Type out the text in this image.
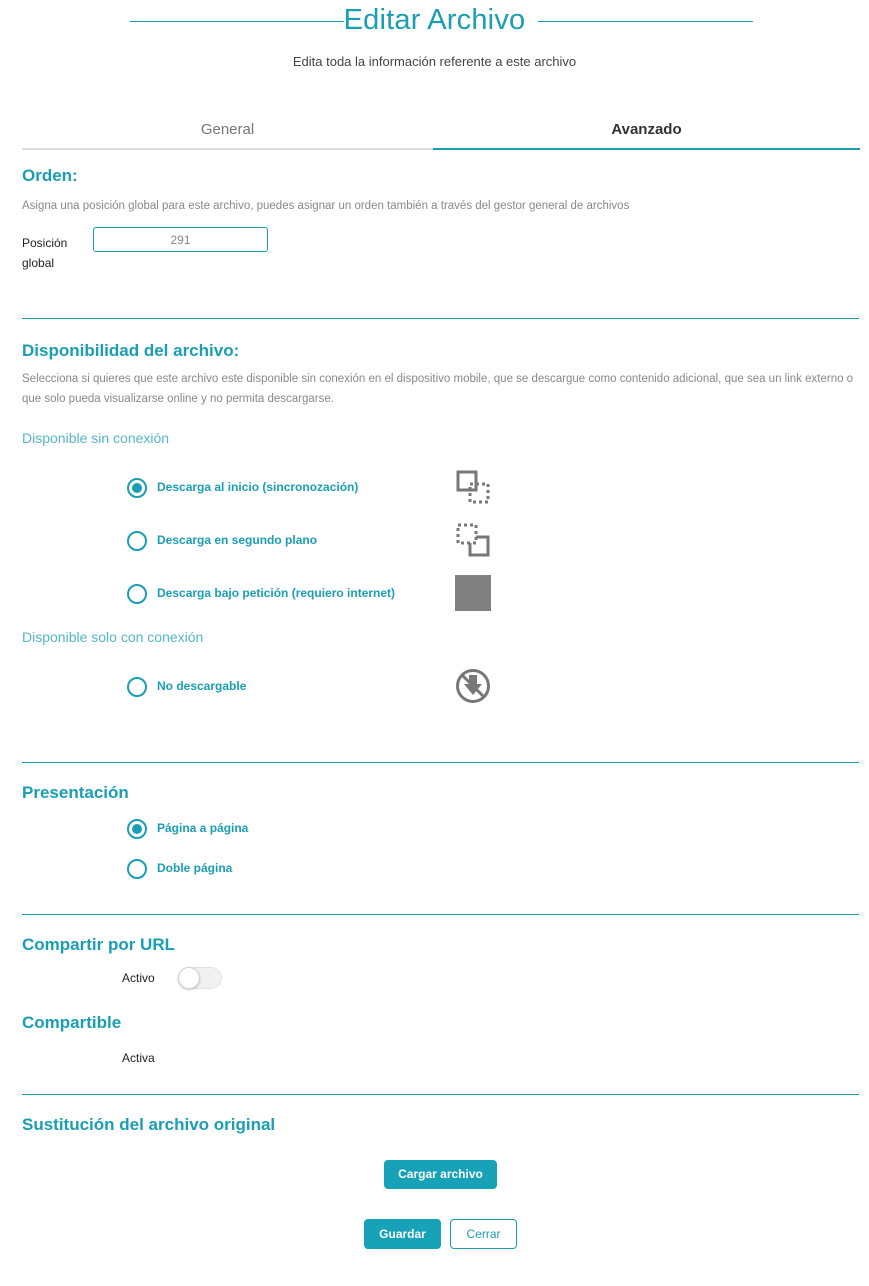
Editar Archivo
Edita toda la información referente a este archivo
General	Avanzado
Orden:
Asigna una posición global para este archivo, puedes asignar un orden también a través del gestor general de archivos
Posición
global
291
Disponibilidad del archivo:
Selecciona si quieres que este archivo este disponible sin conexión en el dispositivo mobile, que se descargue como contenido adicional, que sea un link externo o que solo pueda visualizarse online y no permita descargarse.
Disponible sin conexión
Descarga al inicio (sincronozación)
Descarga en segundo plano
Descarga bajo petición (requiero internet)
Disponible solo con conexión
No descargable
Presentación
Página a página
Doble página
Compartir por URL
Activo
Compartible
Activa
Sustitución del archivo original
Cargar archivo
Guardar	Cerrar
